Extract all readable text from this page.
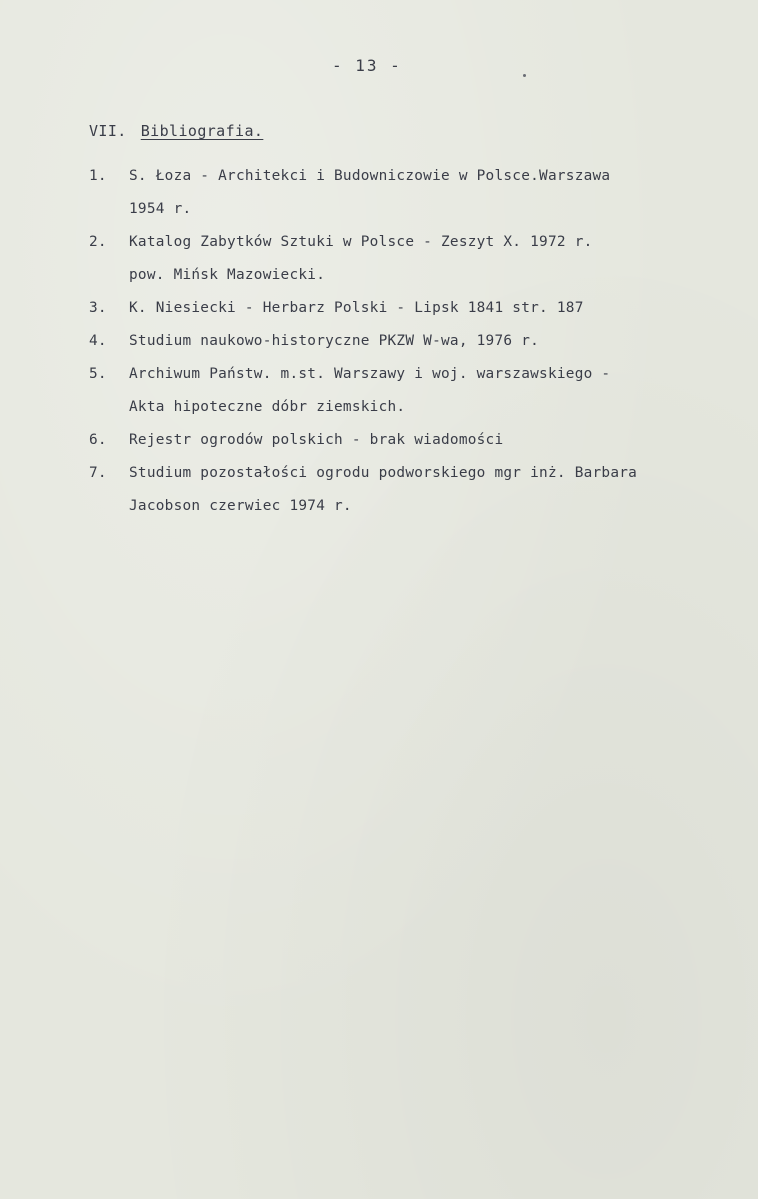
- 13 -
VII. Bibliografia.
1.	S. Łoza - Architekci i Budowniczowie w Polsce.Warszawa
1954 r.
2.	Katalog Zabytków Sztuki w Polsce - Zeszyt X. 1972 r.
pow. Mińsk Mazowiecki.
3.	K. Niesiecki - Herbarz Polski - Lipsk 1841 str. 187
4.	Studium naukowo-historyczne PKZW W-wa, 1976 r.
5.	Archiwum Państw. m.st. Warszawy i woj. warszawskiego -
Akta hipoteczne dóbr ziemskich.
6.	Rejestr ogrodów polskich - brak wiadomości
7.	Studium pozostałości ogrodu podworskiego mgr inż. Barbara
Jacobson czerwiec 1974 r.
